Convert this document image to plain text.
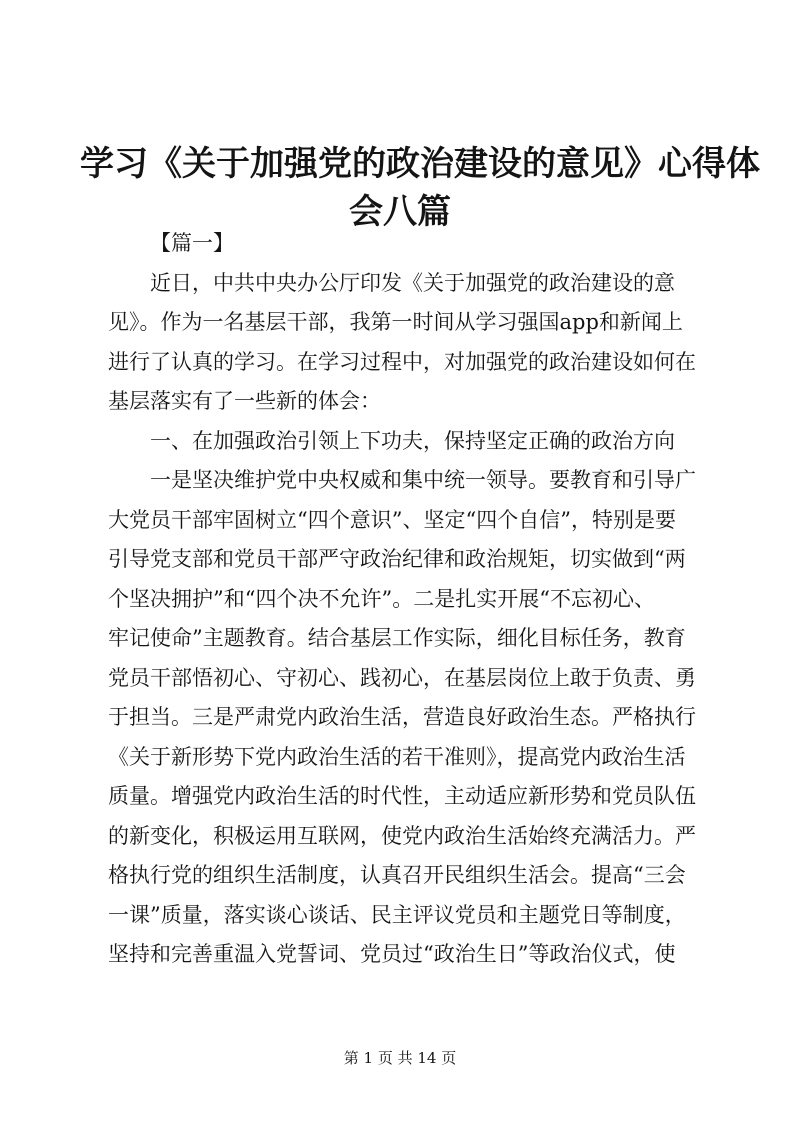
学习《关于加强党的政治建设的意见》心得体
会八篇

【篇一】

近日，中共中央办公厅印发《关于加强党的政治建设的意
见》。作为一名基层干部，我第一时间从学习强国app和新闻上
进行了认真的学习。在学习过程中，对加强党的政治建设如何在
基层落实有了一些新的体会：

一、在加强政治引领上下功夫，保持坚定正确的政治方向

一是坚决维护党中央权威和集中统一领导。要教育和引导广
大党员干部牢固树立“四个意识”、坚定“四个自信”，特别是要
引导党支部和党员干部严守政治纪律和政治规矩，切实做到“两
个坚决拥护”和“四个决不允许”。二是扎实开展“不忘初心、
牢记使命”主题教育。结合基层工作实际，细化目标任务，教育
党员干部悟初心、守初心、践初心，在基层岗位上敢于负责、勇
于担当。三是严肃党内政治生活，营造良好政治生态。严格执行
《关于新形势下党内政治生活的若干准则》，提高党内政治生活
质量。增强党内政治生活的时代性，主动适应新形势和党员队伍
的新变化，积极运用互联网，使党内政治生活始终充满活力。严
格执行党的组织生活制度，认真召开民组织生活会。提高“三会
一课”质量，落实谈心谈话、民主评议党员和主题党日等制度，
坚持和完善重温入党誓词、党员过“政治生日”等政治仪式，使

第 1 页 共 14 页
